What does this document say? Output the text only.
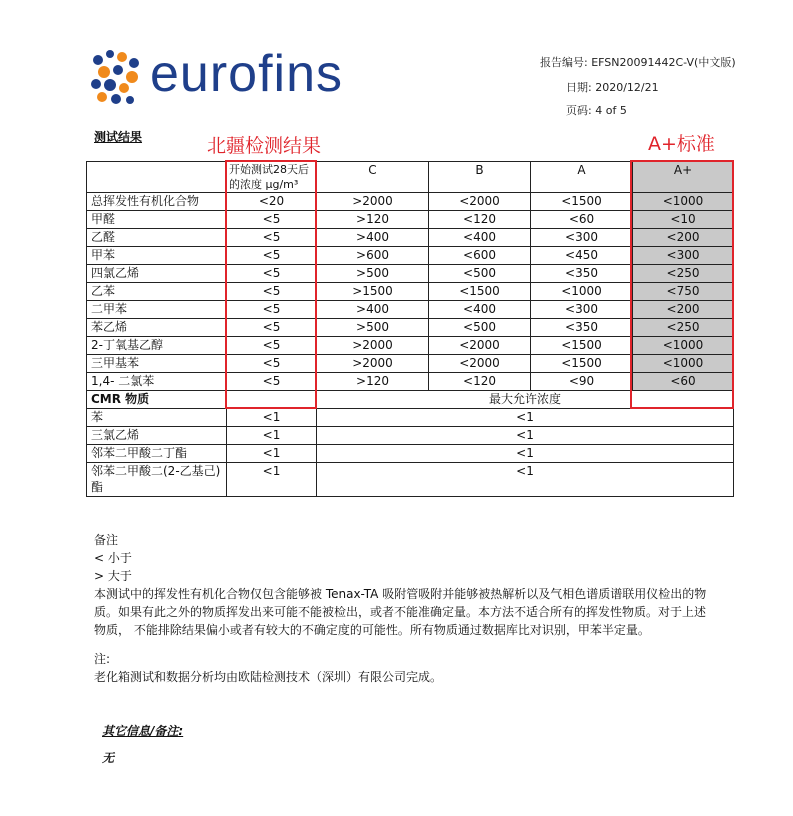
eurofins	报告编号: EFSN20091442C-V(中文版)
日期: 2020/12/21
页码: 4 of 5
测试结果	北疆检测结果	A+标准
	开始测试28天后的浓度 μg/m³	C	B	A	A+
总挥发性有机化合物	<20	>2000	<2000	<1500	<1000
甲醛	<5	>120	<120	<60	<10
乙醛	<5	>400	<400	<300	<200
甲苯	<5	>600	<600	<450	<300
四氯乙烯	<5	>500	<500	<350	<250
乙苯	<5	>1500	<1500	<1000	<750
二甲苯	<5	>400	<400	<300	<200
苯乙烯	<5	>500	<500	<350	<250
2-丁氧基乙醇	<5	>2000	<2000	<1500	<1000
三甲基苯	<5	>2000	<2000	<1500	<1000
1,4- 二氯苯	<5	>120	<120	<90	<60
CMR 物质		最大允许浓度			
苯	<1	<1			
三氯乙烯	<1	<1			
邻苯二甲酸二丁酯	<1	<1			
邻苯二甲酸二(2-乙基己)酯	<1	<1			
备注
< 小于
> 大于
本测试中的挥发性有机化合物仅包含能够被 Tenax-TA 吸附管吸附并能够被热解析以及气相色谱质谱联用仪检出的物
质。如果有此之外的物质挥发出来可能不能被检出，或者不能准确定量。本方法不适合所有的挥发性物质。对于上述
物质， 不能排除结果偏小或者有较大的不确定度的可能性。所有物质通过数据库比对识别，甲苯半定量。
注:
老化箱测试和数据分析均由欧陆检测技术（深圳）有限公司完成。
其它信息/备注:
无
